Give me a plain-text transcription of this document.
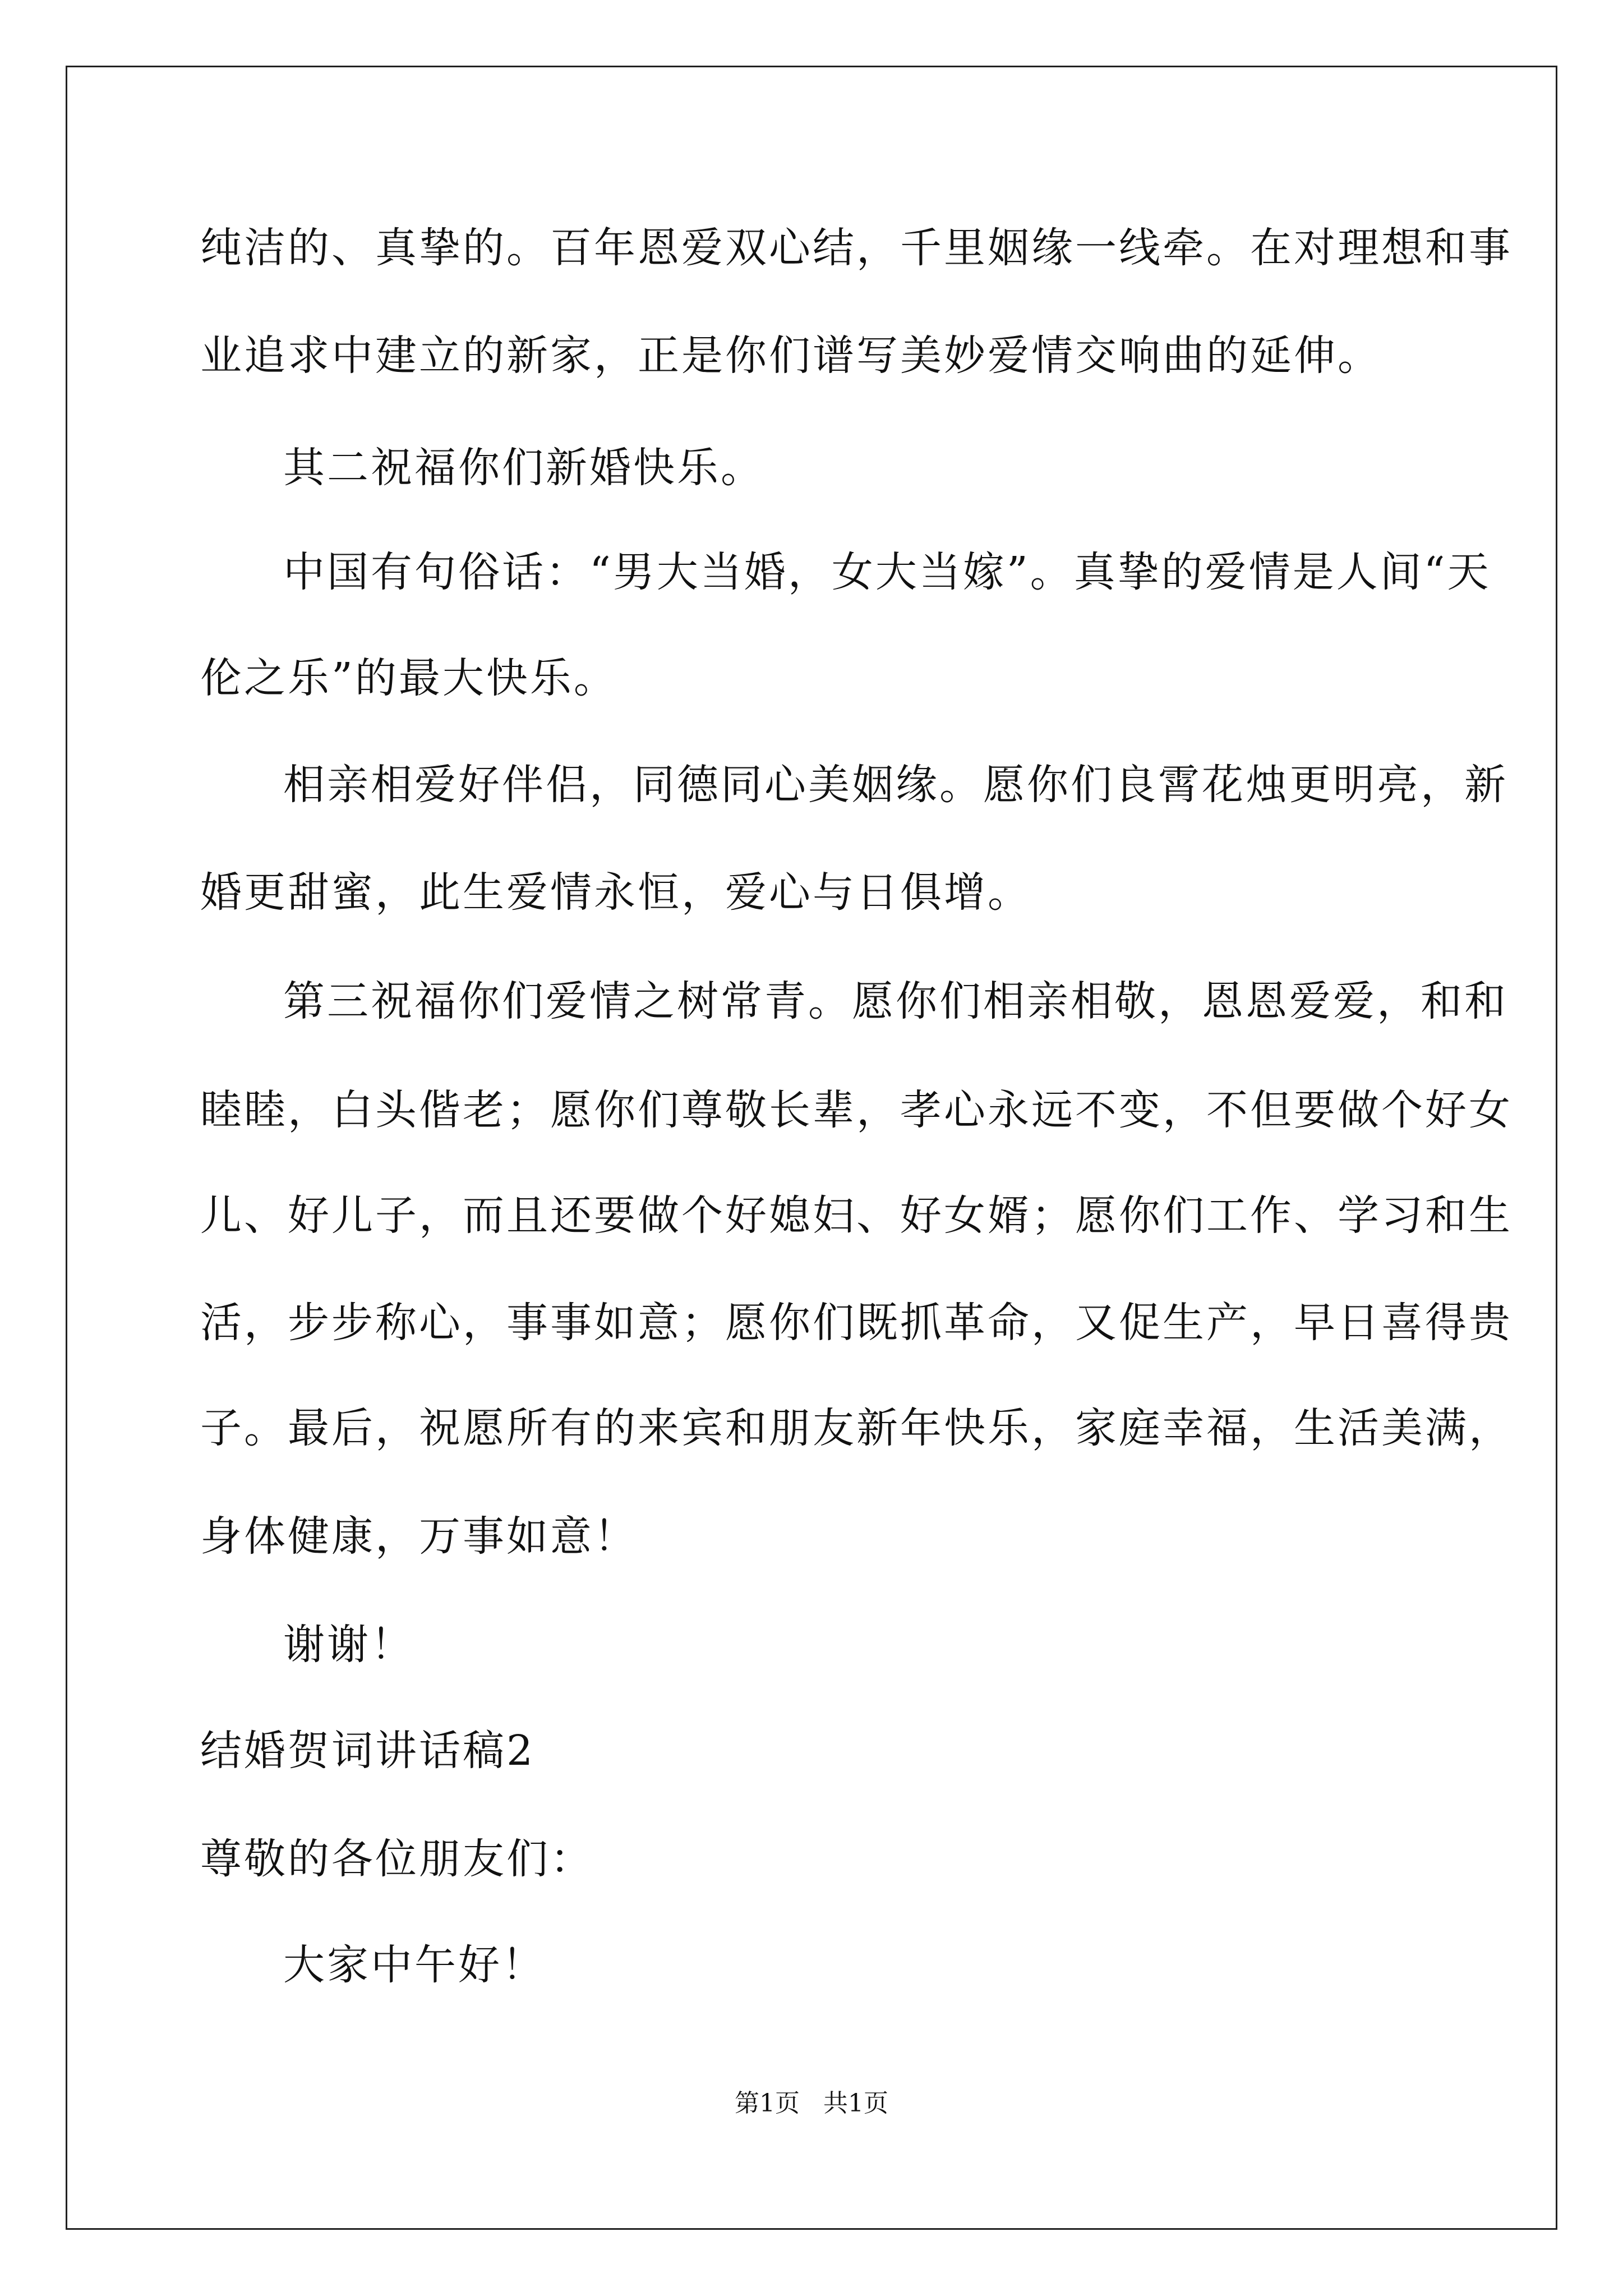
纯洁的、真挚的。百年恩爱双心结，千里姻缘一线牵。在对理想和事
业追求中建立的新家，正是你们谱写美妙爱情交响曲的延伸。
其二祝福你们新婚快乐。
中国有句俗话：“男大当婚，女大当嫁”。真挚的爱情是人间“天
伦之乐”的最大快乐。
相亲相爱好伴侣，同德同心美姻缘。愿你们良霄花烛更明亮，新
婚更甜蜜，此生爱情永恒，爱心与日俱增。
第三祝福你们爱情之树常青。愿你们相亲相敬，恩恩爱爱，和和
睦睦，白头偕老；愿你们尊敬长辈，孝心永远不变，不但要做个好女
儿、好儿子，而且还要做个好媳妇、好女婿；愿你们工作、学习和生
活，步步称心，事事如意；愿你们既抓革命，又促生产，早日喜得贵
子。最后，祝愿所有的来宾和朋友新年快乐，家庭幸福，生活美满，
身体健康，万事如意！
谢谢！
结婚贺词讲话稿2
尊敬的各位朋友们：
大家中午好！
第1页   共1页
